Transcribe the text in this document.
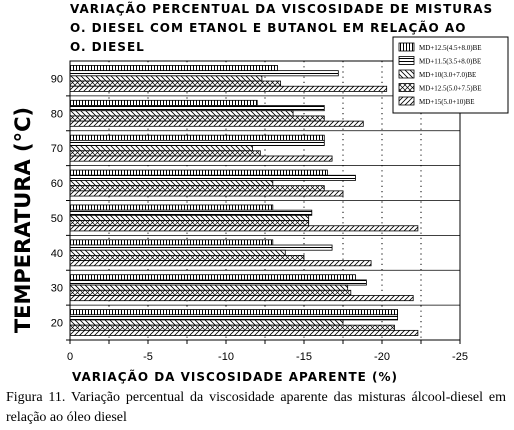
VARIAÇÃO PERCENTUAL DA VISCOSIDADE DE MISTURAS
O. DIESEL COM ETANOL E BUTANOL EM RELAÇÃO AO
O. DIESEL
20
30
40
50
60
70
80
90
0	-5	-10	-15	-20	-25
TEMPERATURA (°C)
VARIAÇÃO DA VISCOSIDADE APARENTE (%)
MD+12.5(4.5+8.0)BE
MD+11.5(3.5+8.0)BE
MD+10(3.0+7.0)BE
MD+12.5(5.0+7.5)BE
MD+15(5.0+10)BE
Figura 11. Variação percentual da viscosidade aparente das misturas álcool-diesel em relação ao óleo diesel
